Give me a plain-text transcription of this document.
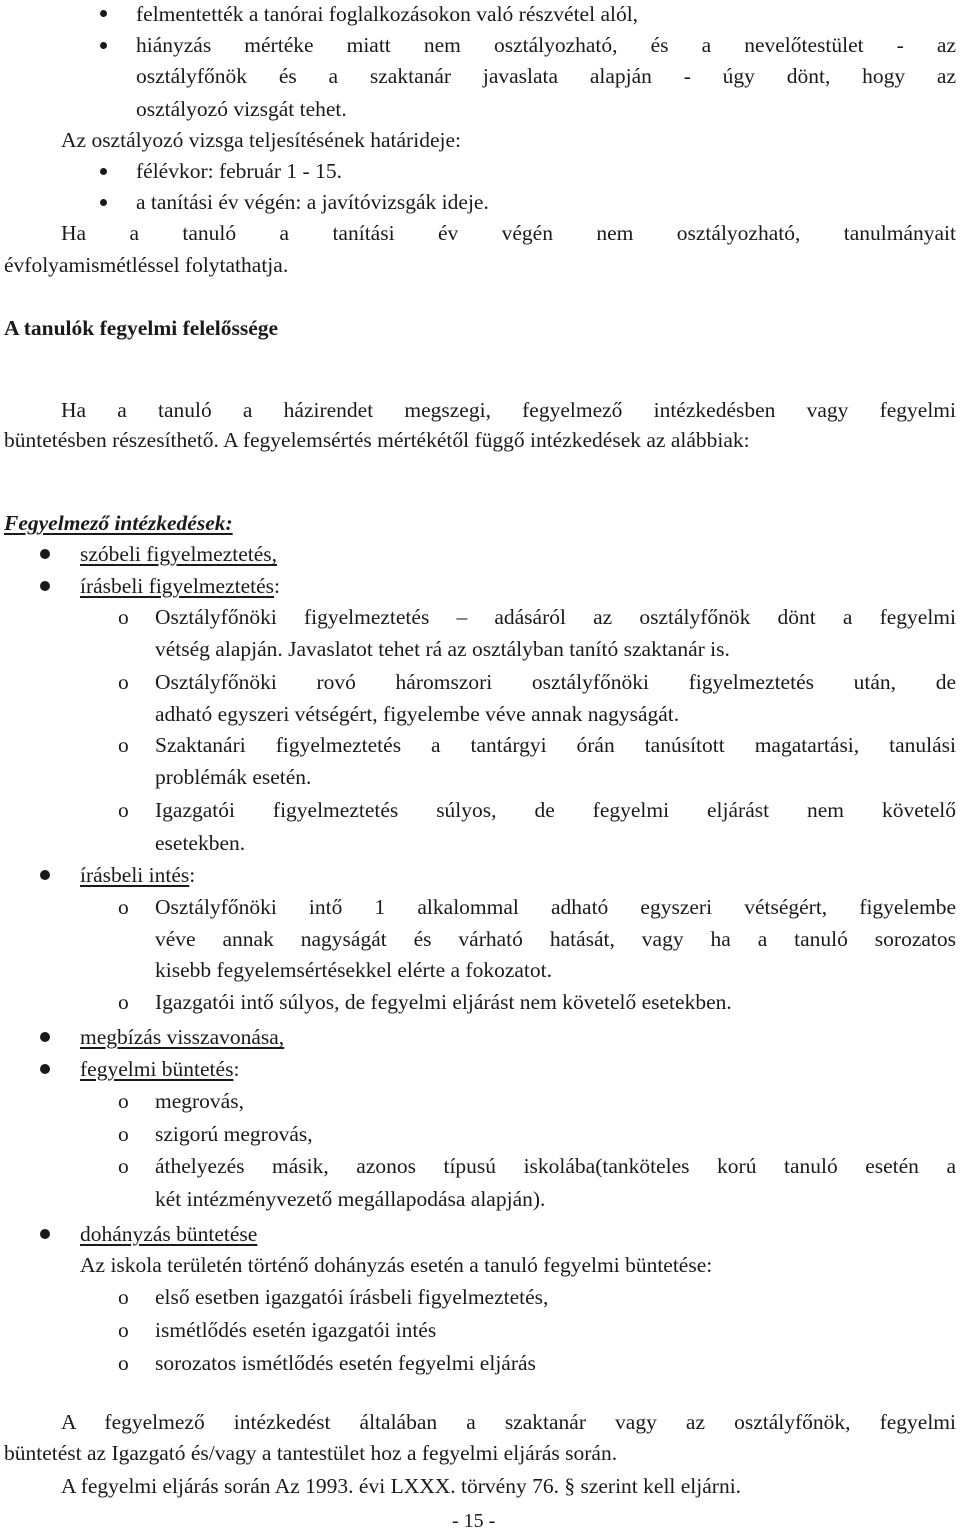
felmentették a tanórai foglalkozásokon való részvétel alól,
hiányzás mértéke miatt nem osztályozható, és a nevelőtestület - az
osztályfőnök és a szaktanár javaslata alapján - úgy dönt, hogy az
osztályozó vizsgát tehet.
Az osztályozó vizsga teljesítésének határideje:
félévkor: február 1 - 15.
a tanítási év végén: a javítóvizsgák ideje.
Ha a tanuló a tanítási év végén nem osztályozható, tanulmányait
évfolyamismétléssel folytathatja.
A tanulók fegyelmi felelőssége
Ha a tanuló a házirendet megszegi, fegyelmező intézkedésben vagy fegyelmi
büntetésben részesíthető. A fegyelemsértés mértékétől függő intézkedések az alábbiak:
Fegyelmező intézkedések:
szóbeli figyelmeztetés,
írásbeli figyelmeztetés:
o Osztályfőnöki figyelmeztetés – adásáról az osztályfőnök dönt a fegyelmi
vétség alapján. Javaslatot tehet rá az osztályban tanító szaktanár is.
o Osztályfőnöki rovó háromszori osztályfőnöki figyelmeztetés után, de
adható egyszeri vétségért, figyelembe véve annak nagyságát.
o Szaktanári figyelmeztetés a tantárgyi órán tanúsított magatartási, tanulási
problémák esetén.
o Igazgatói figyelmeztetés súlyos, de fegyelmi eljárást nem követelő
esetekben.
írásbeli intés:
o Osztályfőnöki intő 1 alkalommal adható egyszeri vétségért, figyelembe
véve annak nagyságát és várható hatását, vagy ha a tanuló sorozatos
kisebb fegyelemsértésekkel elérte a fokozatot.
o Igazgatói intő súlyos, de fegyelmi eljárást nem követelő esetekben.
megbízás visszavonása,
fegyelmi büntetés:
o megrovás,
o szigorú megrovás,
o áthelyezés másik, azonos típusú iskolába(tanköteles korú tanuló esetén a
két intézményvezető megállapodása alapján).
dohányzás büntetése
Az iskola területén történő dohányzás esetén a tanuló fegyelmi büntetése:
o első esetben igazgatói írásbeli figyelmeztetés,
o ismétlődés esetén igazgatói intés
o sorozatos ismétlődés esetén fegyelmi eljárás
A fegyelmező intézkedést általában a szaktanár vagy az osztályfőnök, fegyelmi
büntetést az Igazgató és/vagy a tantestület hoz a fegyelmi eljárás során.
A fegyelmi eljárás során Az 1993. évi LXXX. törvény 76. § szerint kell eljárni.
- 15 -
